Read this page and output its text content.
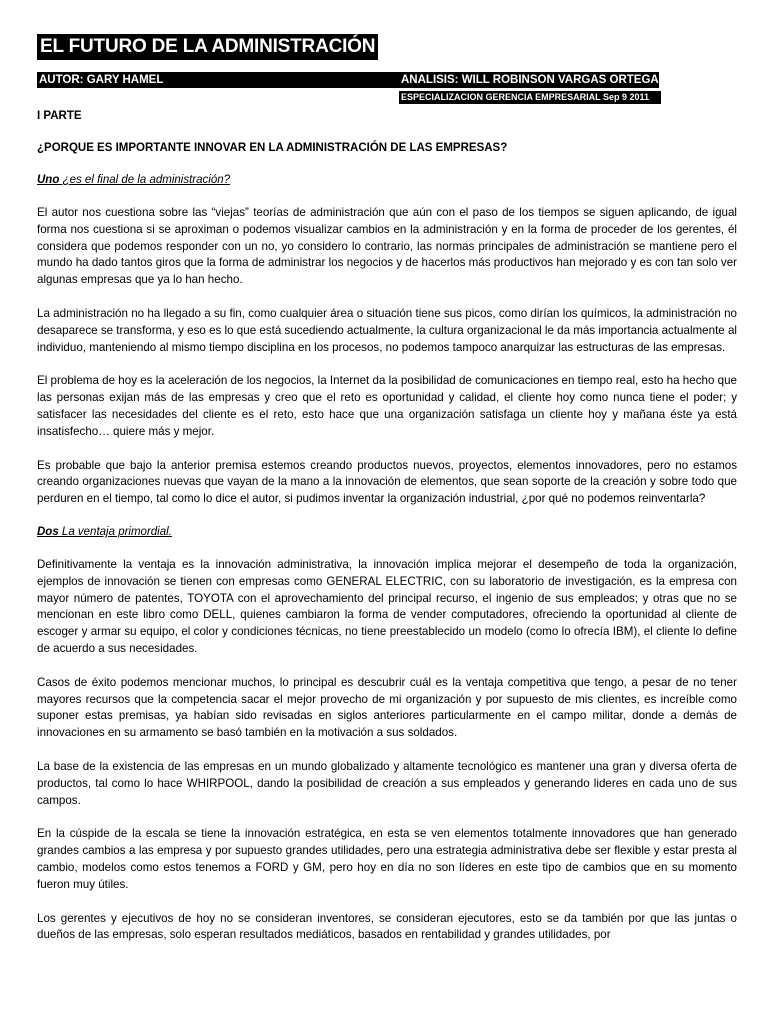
EL FUTURO DE LA ADMINISTRACIÓN
AUTOR: GARY HAMEL	ANALISIS: WILL ROBINSON VARGAS ORTEGA
ESPECIALIZACION GERENCIA EMPRESARIAL Sep 9 2011
I PARTE
¿PORQUE ES IMPORTANTE INNOVAR EN LA ADMINISTRACIÓN DE LAS EMPRESAS?
Uno ¿es el final de la administración?

El autor nos cuestiona sobre las “viejas” teorías de administración que aún con el paso de los tiempos se siguen aplicando, de igual forma nos cuestiona si se aproximan o podemos visualizar cambios en la administración y en la forma de proceder de los gerentes, él considera que podemos responder con un no, yo considero lo contrario, las normas principales de administración se mantiene pero el mundo ha dado tantos giros que la forma de administrar los negocios y de hacerlos más productivos han mejorado y es con tan solo ver algunas empresas que ya lo han hecho.

La administración no ha llegado a su fin, como cualquier área o situación tiene sus picos, como dirían los químicos, la administración no desaparece se transforma, y eso es lo que está sucediendo actualmente, la cultura organizacional le da más importancia actualmente al individuo, manteniendo al mismo tiempo disciplina en los procesos, no podemos tampoco anarquizar las estructuras de las empresas.

El problema de hoy es la aceleración de los negocios, la Internet da la posibilidad de comunicaciones en tiempo real, esto ha hecho que las personas exijan más de las empresas y creo que el reto es oportunidad y calidad, el cliente hoy como nunca tiene el poder; y satisfacer las necesidades del cliente es el reto, esto hace que una organización satisfaga un cliente hoy y mañana éste ya está insatisfecho… quiere más y mejor.

Es probable que bajo la anterior premisa estemos creando productos nuevos, proyectos, elementos innovadores, pero no estamos creando organizaciones nuevas que vayan de la mano a la innovación de elementos, que sean soporte de la creación y sobre todo que perduren en el tiempo, tal como lo dice el autor, si pudimos inventar la organización industrial, ¿por qué no podemos reinventarla?

Dos La ventaja primordial.

Definitivamente la ventaja es la innovación administrativa, la innovación implica mejorar el desempeño de toda la organización, ejemplos de innovación se tienen con empresas como GENERAL ELECTRIC, con su laboratorio de investigación, es la empresa con mayor número de patentes, TOYOTA con el aprovechamiento del principal recurso, el ingenio de sus empleados; y otras que no se mencionan en este libro como DELL, quienes cambiaron la forma de vender computadores, ofreciendo la oportunidad al cliente de escoger y armar su equipo, el color y condiciones técnicas, no tiene preestablecido un modelo (como lo ofrecía IBM), el cliente lo define de acuerdo a sus necesidades.

Casos de éxito podemos mencionar muchos, lo principal es descubrir cuál es la ventaja competitiva que tengo, a pesar de no tener mayores recursos que la competencia sacar el mejor provecho de mi organización y por supuesto de mis clientes, es increíble como suponer estas premisas, ya habían sido revisadas en siglos anteriores particularmente en el campo militar, donde a demás de innovaciones en su armamento se basó también en la motivación a sus soldados.

La base de la existencia de las empresas en un mundo globalizado y altamente tecnológico es mantener una gran y diversa oferta de productos, tal como lo hace WHIRPOOL, dando la posibilidad de creación a sus empleados y generando lideres en cada uno de sus campos.

En la cúspide de la escala se tiene la innovación estratégica, en esta se ven elementos totalmente innovadores que han generado grandes cambios a las empresa y por supuesto grandes utilidades, pero una estrategia administrativa debe ser flexible y estar presta al cambio, modelos como estos tenemos a FORD y GM, pero hoy en día no son líderes en este tipo de cambios que en su momento fueron muy útiles.

Los gerentes y ejecutivos de hoy no se consideran inventores, se consideran ejecutores, esto se da también por que las juntas o dueños de las empresas, solo esperan resultados mediáticos, basados en rentabilidad y grandes utilidades, por
